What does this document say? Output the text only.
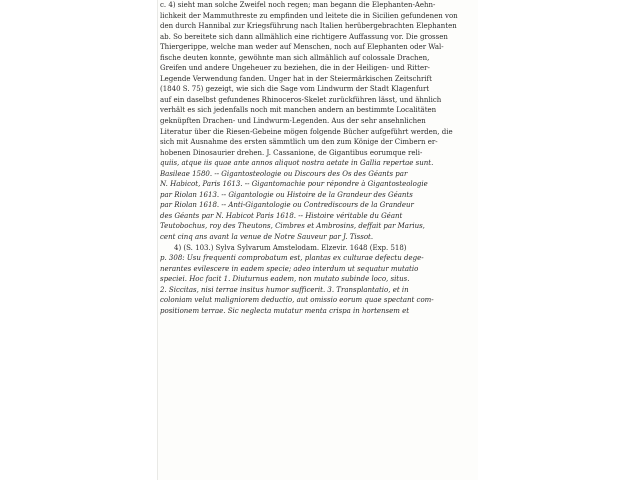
c. 4) sieht man solche Zweifel noch regen; man begann die Elephanten-Aehn-
lichkeit der Mammuthreste zu empfinden und leitete die in Sicilien gefundenen von
den durch Hannibal zur Kriegsführung nach Italien herübergebrachten Elephanten
ab. So bereitete sich dann allmählich eine richtigere Auffassung vor. Die grossen
Thiergerippe, welche man weder auf Menschen, noch auf Elephanten oder Wal-
fische deuten konnte, gewöhnte man sich allmählich auf colossale Drachen,
Greifen und andere Ungeheuer zu beziehen, die in der Heiligen- und Ritter-
Legende Verwendung fanden. Unger hat in der Steiermärkischen Zeitschrift
(1840 S. 75) gezeigt, wie sich die Sage vom Lindwurm der Stadt Klagenfurt
auf ein daselbst gefundenes Rhinoceros-Skelet zurückführen lässt, und ähnlich
verhält es sich jedenfalls noch mit manchen andern an bestimmte Localitäten
geknüpften Drachen- und Lindwurm-Legenden. Aus der sehr ansehnlichen
Literatur über die Riesen-Gebeine mögen folgende Bücher aufgeführt werden, die
sich mit Ausnahme des ersten sämmtlich um den zum Könige der Cimbern er-
hobenen Dinosaurier drehen. J. Cassanione, de Gigantibus eorumque reli-
quiis, atque iis quae ante annos aliquot nostra aetate in Gallia repertae sunt.
Basileae 1580. -- Gigantosteologie ou Discours des Os des Géants par
N. Habicot, Paris 1613. -- Gigantomachie pour répondre à Gigantosteologie
par Riolan 1613. -- Gigantologie ou Histoire de la Grandeur des Géants
par Riolan 1618. -- Anti-Gigantologie ou Contrediscours de la Grandeur
des Géants par N. Habicot Paris 1618. -- Histoire véritable du Géant
Teutobochus, roy des Theutons, Cimbres et Ambrosins, deffait par Marius,
cent cinq ans avant la venue de Notre Sauveur par J. Tissot.
4) (S. 103.) Sylva Sylvarum Amstelodam. Elzevir. 1648 (Exp. 518)
p. 308: Usu frequenti comprobatum est, plantas ex culturae defectu dege-
nerantes evilescere in eadem specie; adeo interdum ut sequatur mutatio
speciei. Hoc facit 1. Diuturnus eadem, non mutato subinde loco, situs.
2. Siccitas, nisi terrae insitus humor sufficerit. 3. Transplantatio, et in
coloniam velut maligniorem deductio, aut omissio eorum quae spectant com-
positionem terrae. Sic neglecta mutatur menta crispa in hortensem et
